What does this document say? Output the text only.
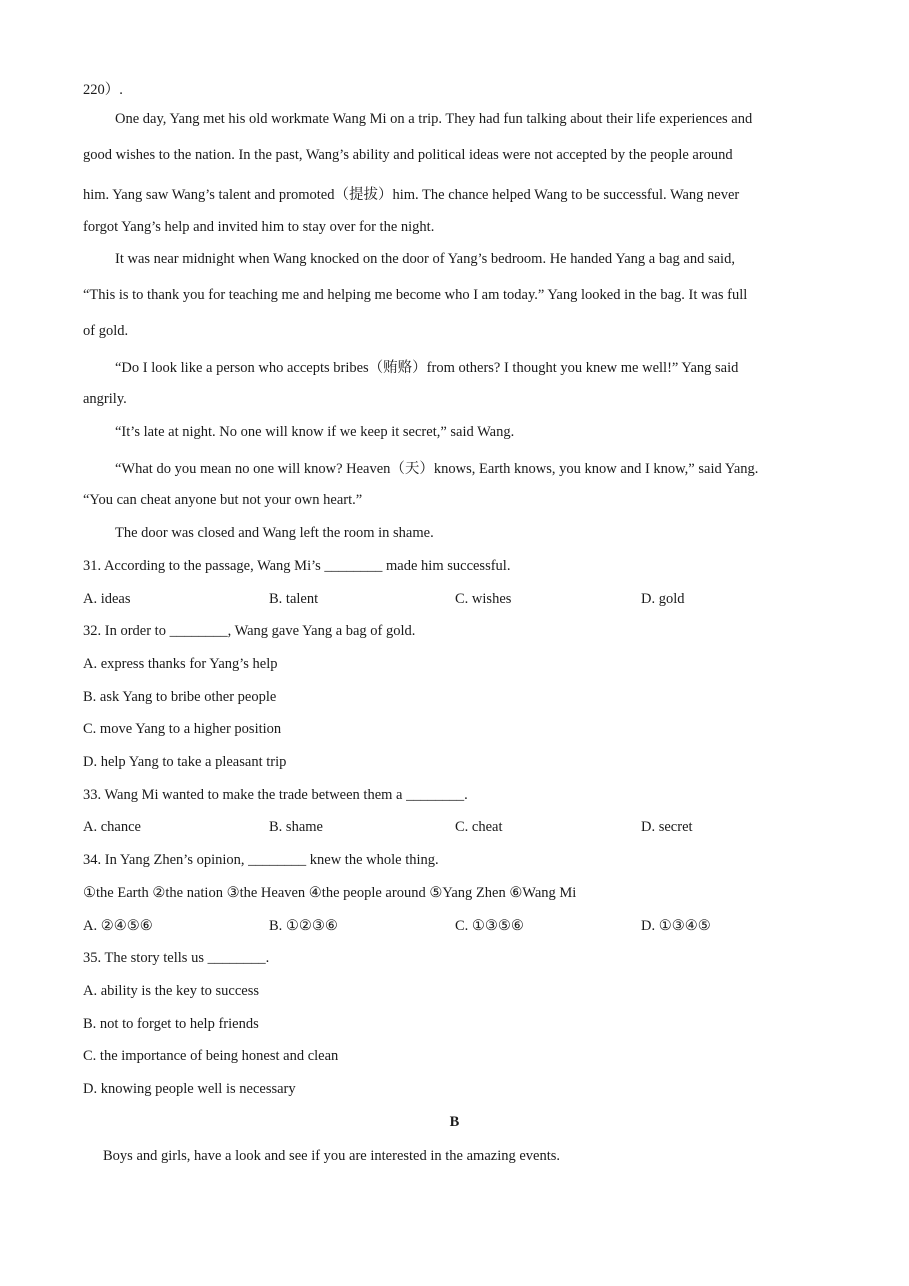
220）.
One day, Yang met his old workmate Wang Mi on a trip. They had fun talking about their life experiences and
good wishes to the nation. In the past, Wang’s ability and political ideas were not accepted by the people around
him. Yang saw Wang’s talent and promoted（提拔）him. The chance helped Wang to be successful. Wang never
forgot Yang’s help and invited him to stay over for the night.
It was near midnight when Wang knocked on the door of Yang’s bedroom. He handed Yang a bag and said,
“This is to thank you for teaching me and helping me become who I am today.” Yang looked in the bag. It was full
of gold.
“Do I look like a person who accepts bribes（贿赂）from others? I thought you knew me well!” Yang said
angrily.
“It’s late at night. No one will know if we keep it secret,” said Wang.
“What do you mean no one will know? Heaven（天）knows, Earth knows, you know and I know,” said Yang.
“You can cheat anyone but not your own heart.”
The door was closed and Wang left the room in shame.
31. According to the passage, Wang Mi’s ________ made him successful.
A. ideas	B. talent	C. wishes	D. gold
32. In order to ________, Wang gave Yang a bag of gold.
A. express thanks for Yang’s help
B. ask Yang to bribe other people
C. move Yang to a higher position
D. help Yang to take a pleasant trip
33. Wang Mi wanted to make the trade between them a ________.
A. chance	B. shame	C. cheat	D. secret
34. In Yang Zhen’s opinion, ________ knew the whole thing.
①the Earth ②the nation ③the Heaven ④the people around ⑤Yang Zhen ⑥Wang Mi
A. ②④⑤⑥	B. ①②③⑥	C. ①③⑤⑥	D. ①③④⑤
35. The story tells us ________.
A. ability is the key to success
B. not to forget to help friends
C. the importance of being honest and clean
D. knowing people well is necessary
B
Boys and girls, have a look and see if you are interested in the amazing events.
